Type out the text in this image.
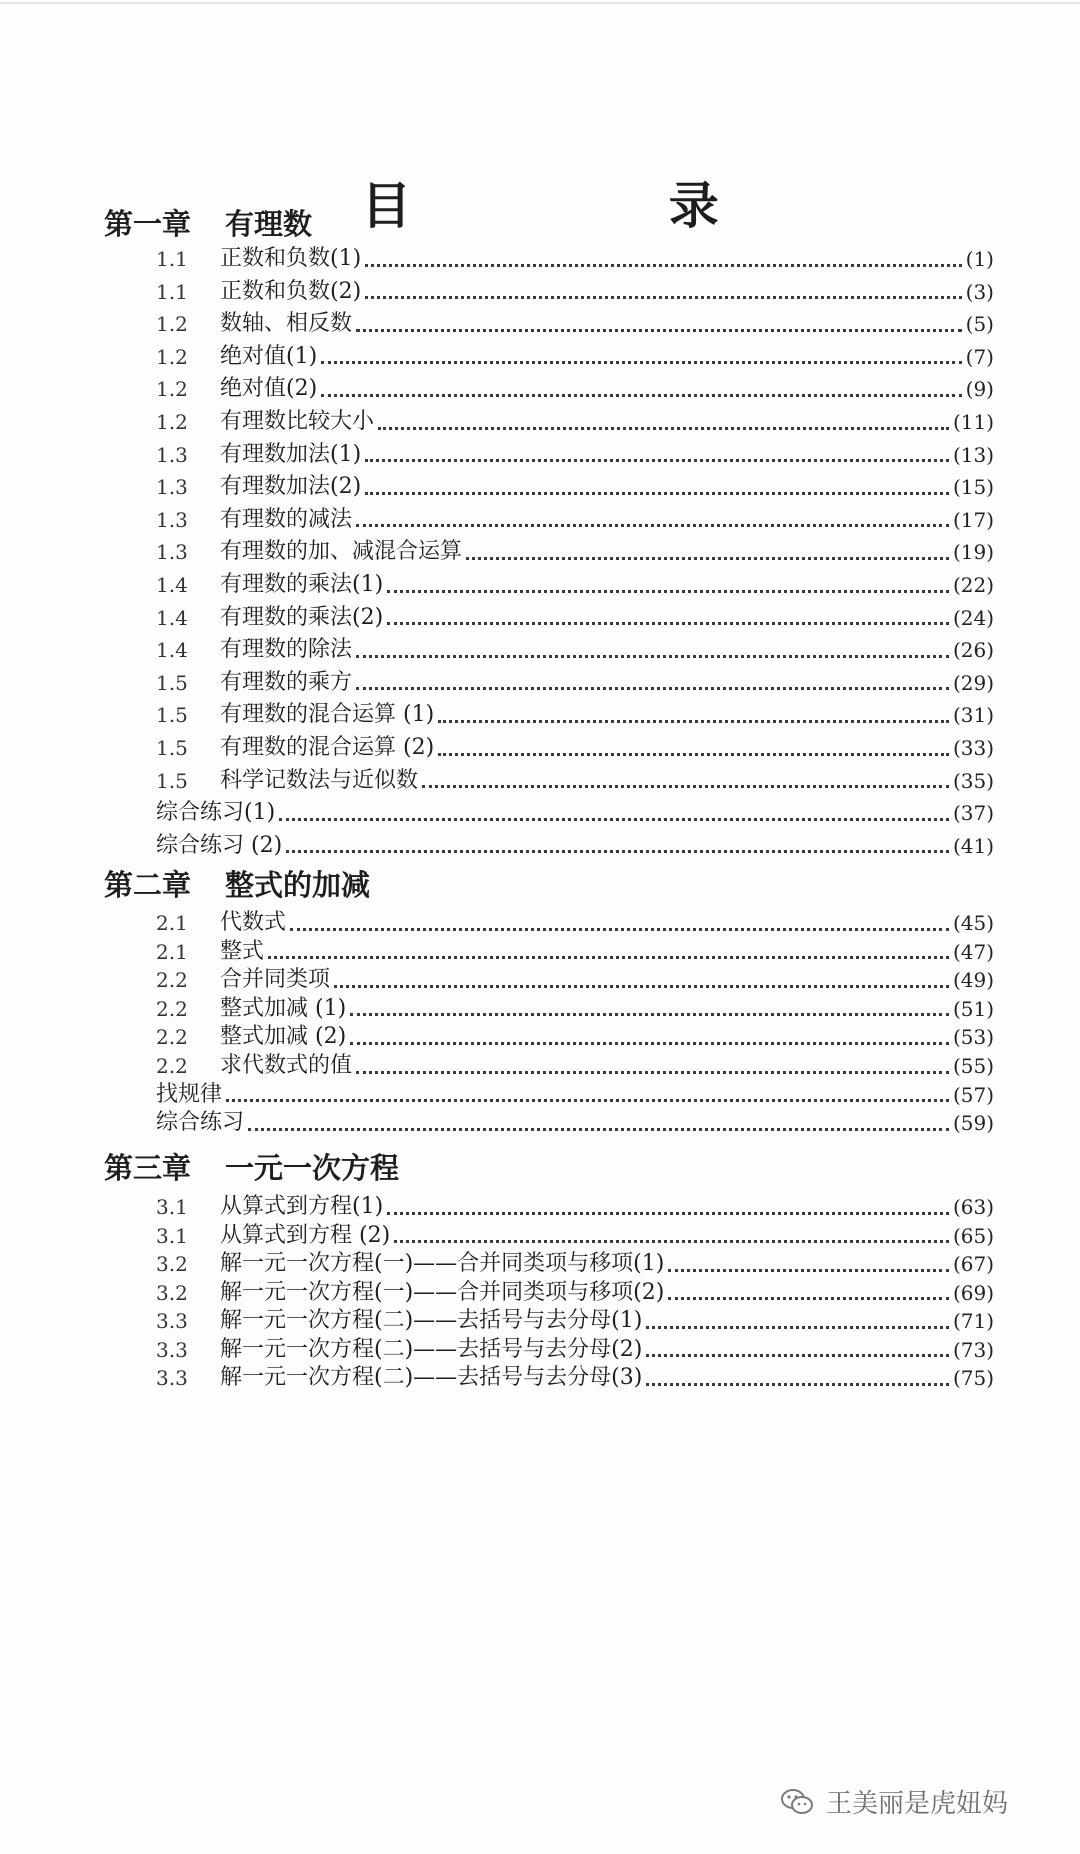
目 录
第一章 有理数
1.1	正数和负数(1)	(1)
1.1	正数和负数(2)	(3)
1.2	数轴、相反数	(5)
1.2	绝对值(1)	(7)
1.2	绝对值(2)	(9)
1.2	有理数比较大小	(11)
1.3	有理数加法(1)	(13)
1.3	有理数加法(2)	(15)
1.3	有理数的减法	(17)
1.3	有理数的加、减混合运算	(19)
1.4	有理数的乘法(1)	(22)
1.4	有理数的乘法(2)	(24)
1.4	有理数的除法	(26)
1.5	有理数的乘方	(29)
1.5	有理数的混合运算 (1)	(31)
1.5	有理数的混合运算 (2)	(33)
1.5	科学记数法与近似数	(35)
综合练习(1)	(37)
综合练习 (2)	(41)
第二章 整式的加减
2.1	代数式	(45)
2.1	整式	(47)
2.2	合并同类项	(49)
2.2	整式加减 (1)	(51)
2.2	整式加减 (2)	(53)
2.2	求代数式的值	(55)
找规律	(57)
综合练习	(59)
第三章 一元一次方程
3.1	从算式到方程(1)	(63)
3.1	从算式到方程 (2)	(65)
3.2	解一元一次方程(一)——合并同类项与移项(1)	(67)
3.2	解一元一次方程(一)——合并同类项与移项(2)	(69)
3.3	解一元一次方程(二)——去括号与去分母(1)	(71)
3.3	解一元一次方程(二)——去括号与去分母(2)	(73)
3.3	解一元一次方程(二)——去括号与去分母(3)	(75)
王美丽是虎妞妈
